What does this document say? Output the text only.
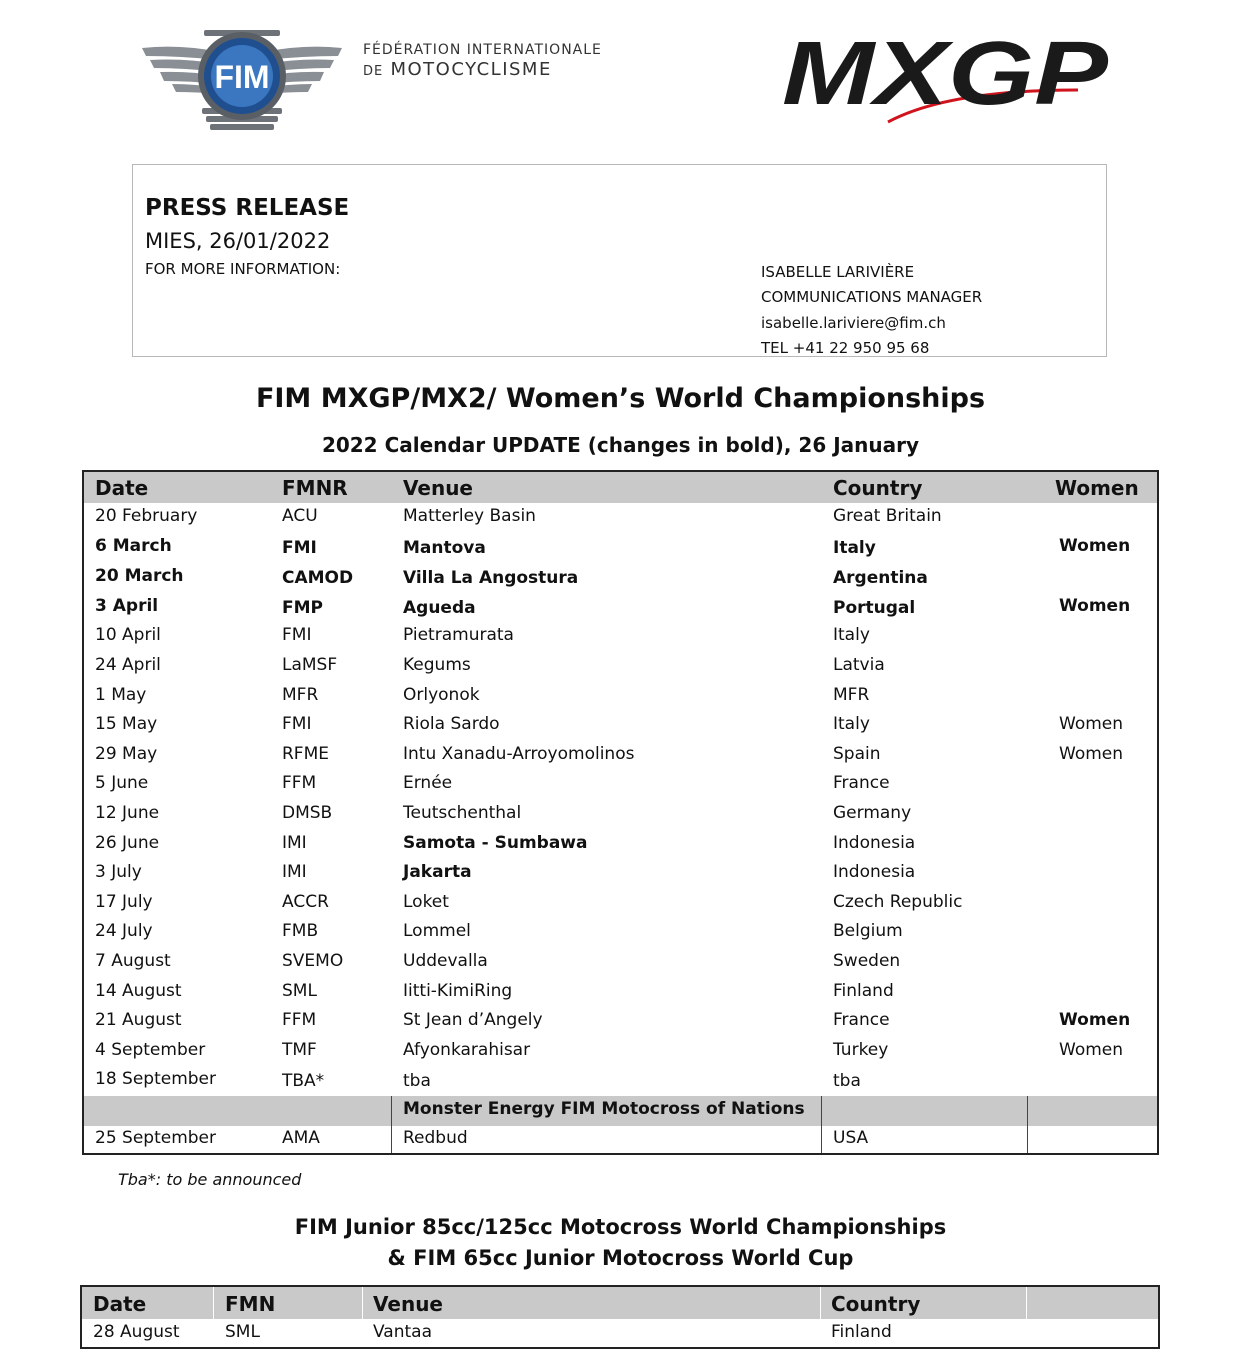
FIM
FÉDÉRATION INTERNATIONALE
DE MOTOCYCLISME	MXGP
PRESS RELEASE
MIES, 26/01/2022
FOR MORE INFORMATION:	ISABELLE LARIVIÈRE
COMMUNICATIONS MANAGER
isabelle.lariviere@fim.ch
TEL +41 22 950 95 68
FIM MXGP/MX2/ Women’s World Championships
2022 Calendar UPDATE (changes in bold), 26 January
Date	FMNR	Venue	Country	Women
20 February	ACU	Matterley Basin	Great Britain
6 March	FMI	Mantova	Italy	Women
20 March	CAMOD	Villa La Angostura	Argentina
3 April	FMP	Agueda	Portugal	Women
10 April	FMI	Pietramurata	Italy
24 April	LaMSF	Kegums	Latvia
1 May	MFR	Orlyonok	MFR
15 May	FMI	Riola Sardo	Italy	Women
29 May	RFME	Intu Xanadu-Arroyomolinos	Spain	Women
5 June	FFM	Ernée	France
12 June	DMSB	Teutschenthal	Germany
26 June	IMI	Samota - Sumbawa	Indonesia
3 July	IMI	Jakarta	Indonesia
17 July	ACCR	Loket	Czech Republic
24 July	FMB	Lommel	Belgium
7 August	SVEMO	Uddevalla	Sweden
14 August	SML	Iitti-KimiRing	Finland
21 August	FFM	St Jean d’Angely	France	Women
4 September	TMF	Afyonkarahisar	Turkey	Women
18 September	TBA*	tba	tba
Monster Energy FIM Motocross of Nations
25 September	AMA	Redbud	USA
Tba*: to be announced
FIM Junior 85cc/125cc Motocross World Championships
& FIM 65cc Junior Motocross World Cup
Date	FMN	Venue	Country
28 August	SML	Vantaa	Finland
